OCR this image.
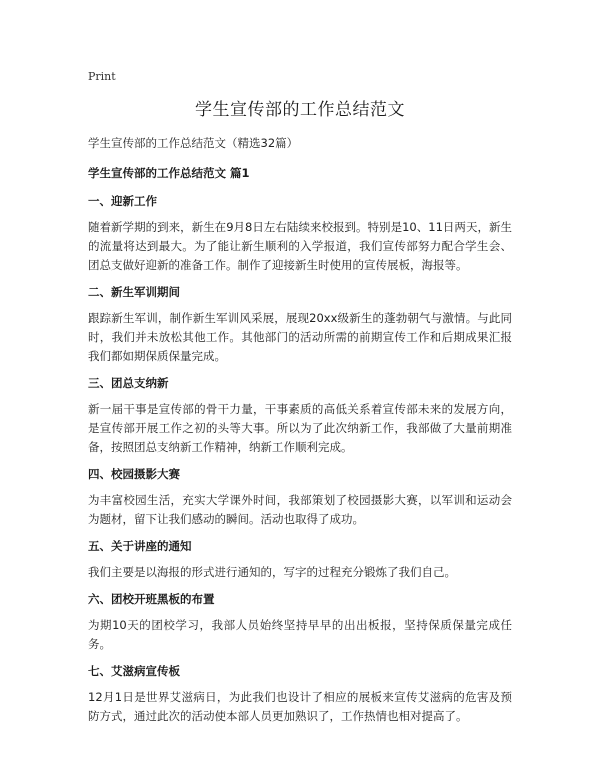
Print
学生宣传部的工作总结范文
学生宣传部的工作总结范文（精选32篇）
学生宣传部的工作总结范文 篇1
一、迎新工作
随着新学期的到来，新生在9月8日左右陆续来校报到。特别是10、11日两天，新生的流量将达到最大。为了能让新生顺利的入学报道，我们宣传部努力配合学生会、团总支做好迎新的准备工作。制作了迎接新生时使用的宣传展板，海报等。
二、新生军训期间
跟踪新生军训，制作新生军训风采展，展现20xx级新生的蓬勃朝气与激情。与此同时，我们并未放松其他工作。其他部门的活动所需的前期宣传工作和后期成果汇报我们都如期保质保量完成。
三、团总支纳新
新一届干事是宣传部的骨干力量，干事素质的高低关系着宣传部未来的发展方向，是宣传部开展工作之初的头等大事。所以为了此次纳新工作，我部做了大量前期准备，按照团总支纳新工作精神，纳新工作顺利完成。
四、校园摄影大赛
为丰富校园生活，充实大学课外时间，我部策划了校园摄影大赛，以军训和运动会为题材，留下让我们感动的瞬间。活动也取得了成功。
五、关于讲座的通知
我们主要是以海报的形式进行通知的，写字的过程充分锻炼了我们自己。
六、团校开班黑板的布置
为期10天的团校学习，我部人员始终坚持早早的出出板报，坚持保质保量完成任务。
七、艾滋病宣传板
12月1日是世界艾滋病日，为此我们也设计了相应的展板来宣传艾滋病的危害及预防方式，通过此次的活动使本部人员更加熟识了，工作热情也相对提高了。
